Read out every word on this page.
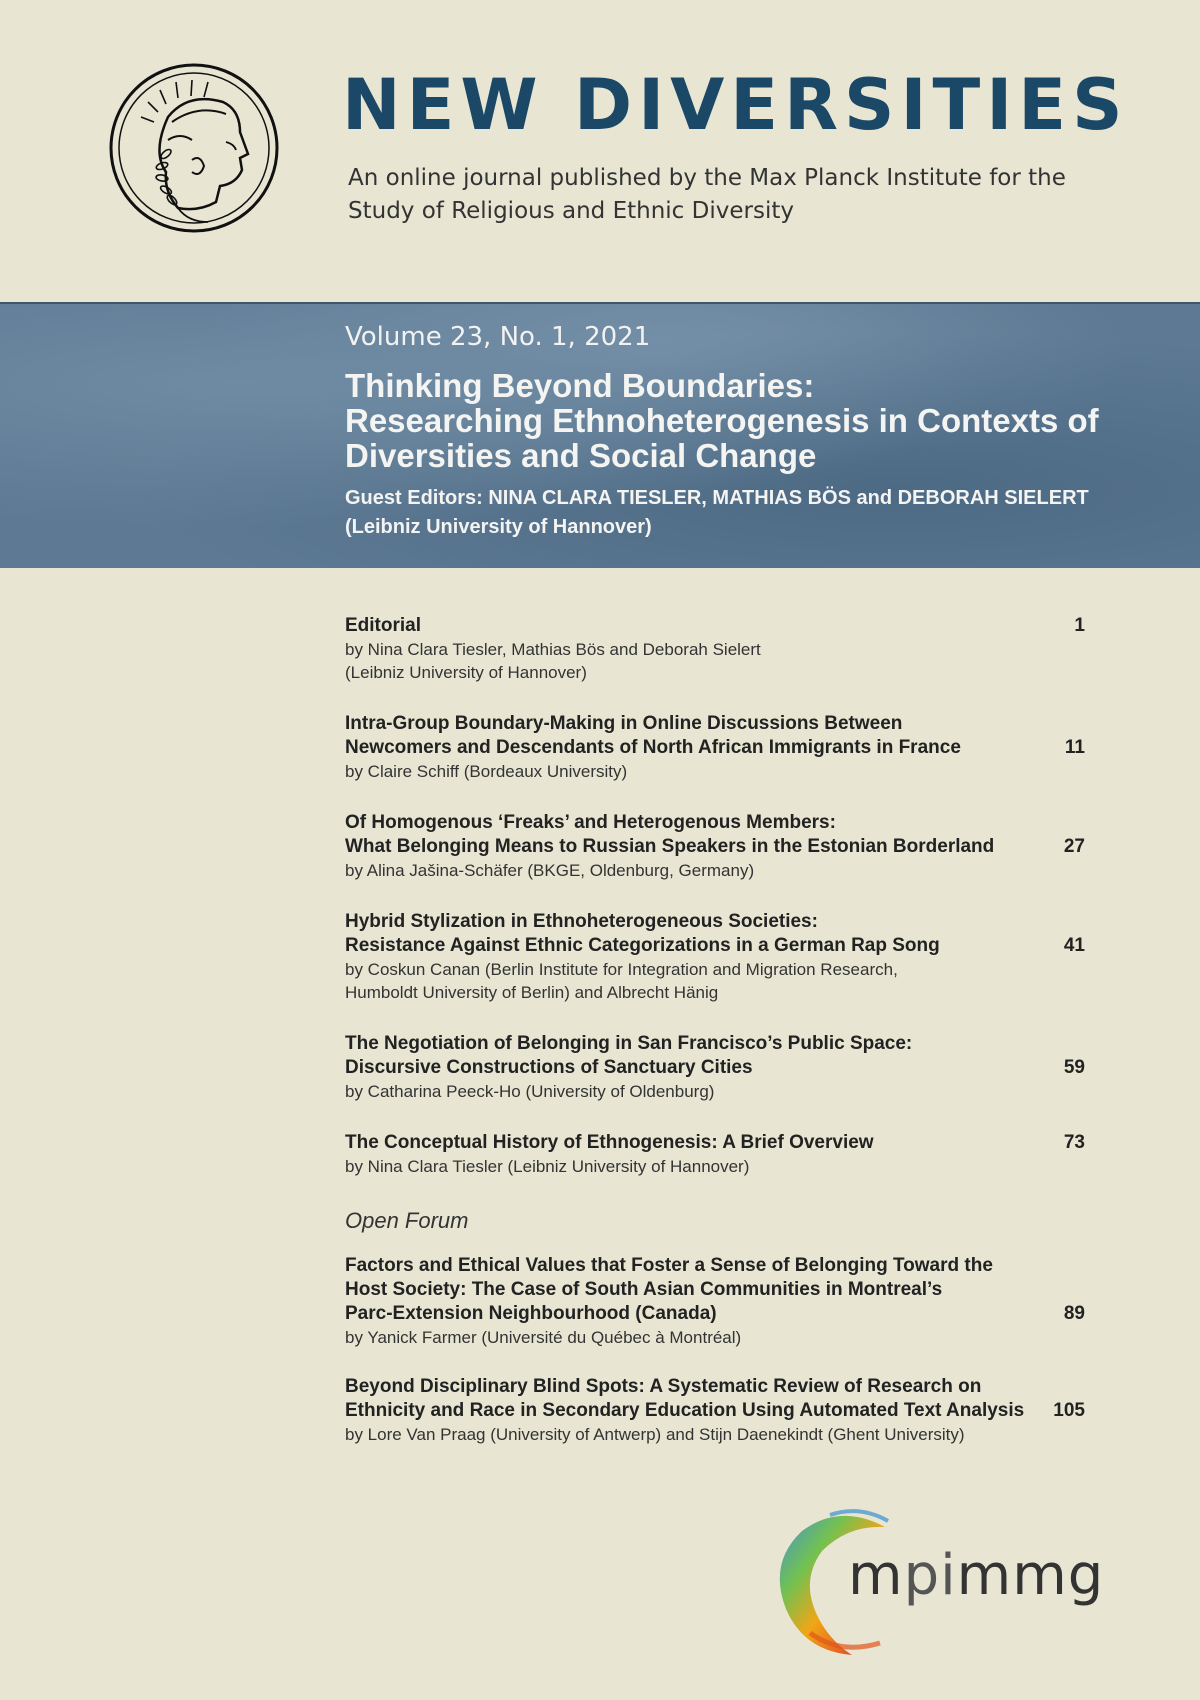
NEW DIVERSITIES

An online journal published by the Max Planck Institute for the
Study of Religious and Ethnic Diversity

Volume 23, No. 1, 2021

Thinking Beyond Boundaries:
Researching Ethnoheterogenesis in Contexts of
Diversities and Social Change

Guest Editors: NINA CLARA TIESLER, MATHIAS BÖS and DEBORAH SIELERT
(Leibniz University of Hannover)

Editorial	1

by Nina Clara Tiesler, Mathias Bös and Deborah Sielert
(Leibniz University of Hannover)

Intra-Group Boundary-Making in Online Discussions Between
Newcomers and Descendants of North African Immigrants in France	11

by Claire Schiff (Bordeaux University)

Of Homogenous ‘Freaks’ and Heterogenous Members:
What Belonging Means to Russian Speakers in the Estonian Borderland	27

by Alina Jašina-Schäfer (BKGE, Oldenburg, Germany)

Hybrid Stylization in Ethnoheterogeneous Societies:
Resistance Against Ethnic Categorizations in a German Rap Song	41

by Coskun Canan (Berlin Institute for Integration and Migration Research,
Humboldt University of Berlin) and Albrecht Hänig

The Negotiation of Belonging in San Francisco’s Public Space:
Discursive Constructions of Sanctuary Cities	59

by Catharina Peeck-Ho (University of Oldenburg)

The Conceptual History of Ethnogenesis: A Brief Overview	73

by Nina Clara Tiesler (Leibniz University of Hannover)

Open Forum

Factors and Ethical Values that Foster a Sense of Belonging Toward the
Host Society: The Case of South Asian Communities in Montreal’s
Parc-Extension Neighbourhood (Canada)	89

by Yanick Farmer (Université du Québec à Montréal)

Beyond Disciplinary Blind Spots: A Systematic Review of Research on
Ethnicity and Race in Secondary Education Using Automated Text Analysis 105

by Lore Van Praag (University of Antwerp) and Stijn Daenekindt (Ghent University)

mpimmg
